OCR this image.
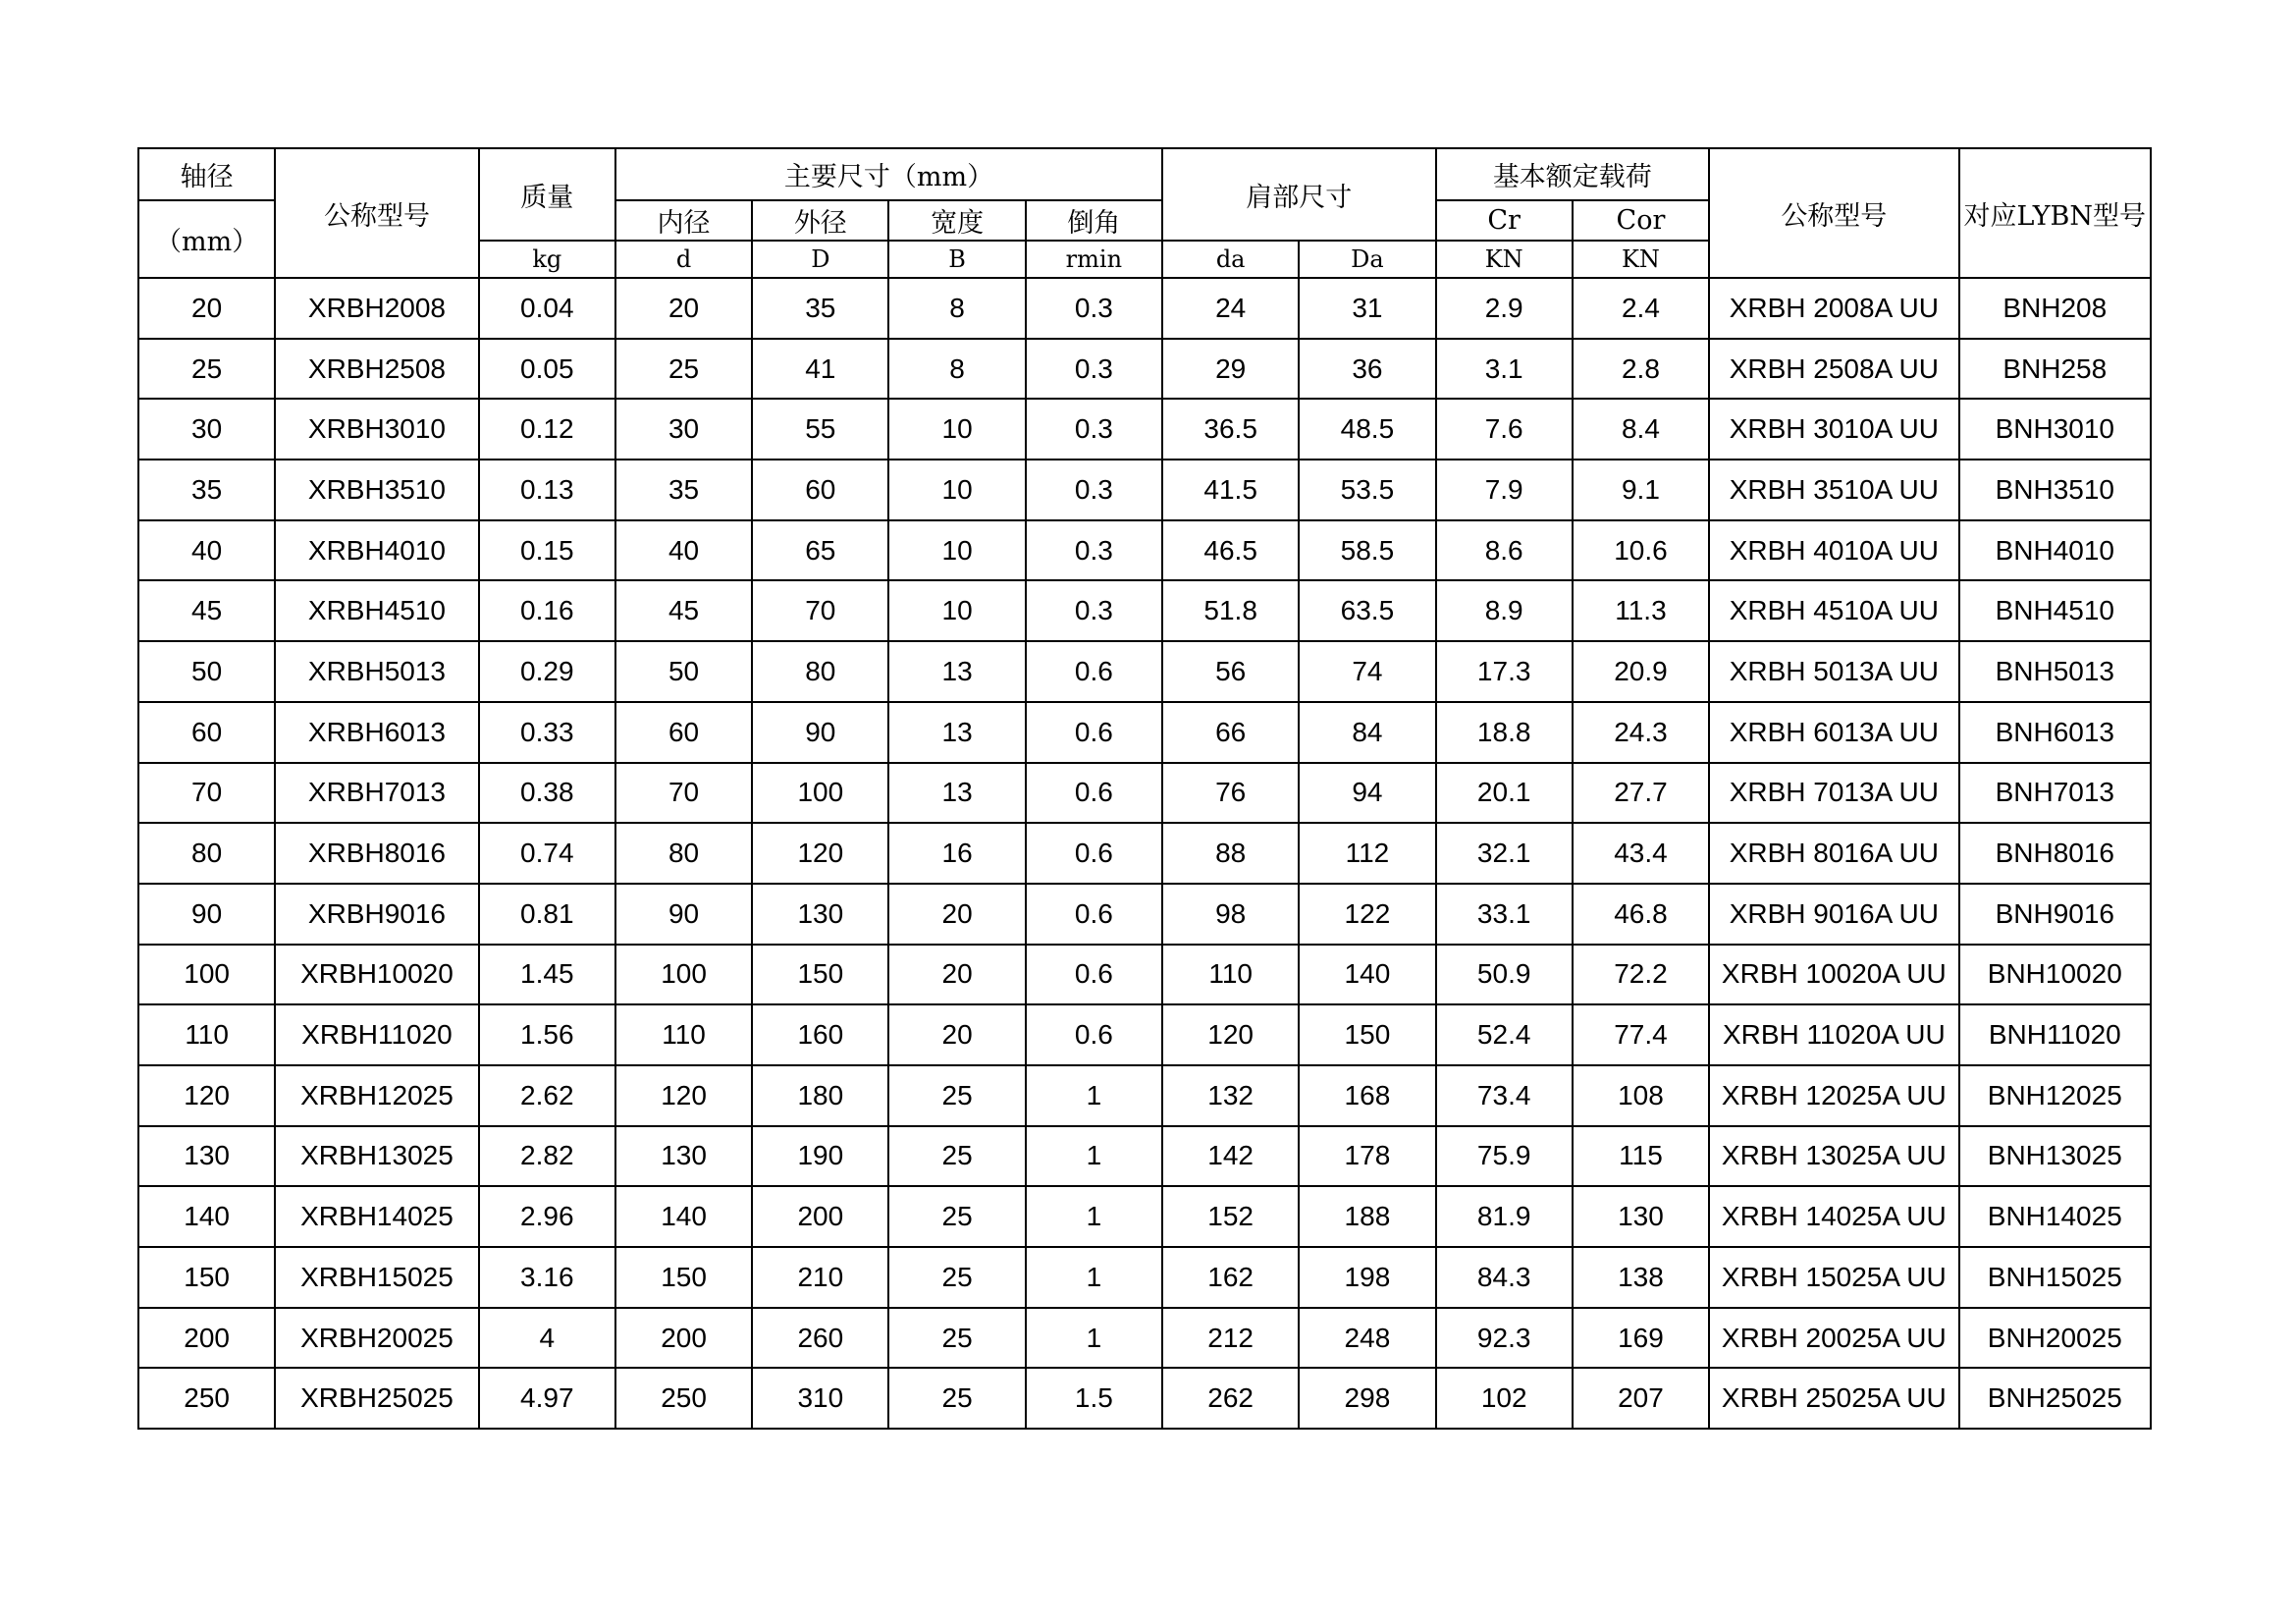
轴径	公称型号	质量	主要尺寸（mm）				肩部尺寸		基本额定载荷		公称型号	对应LYBN型号
（mm）			内径	外径	宽度	倒角			Cr	Cor		
		kg	d	D	B	rmin	da	Da	KN	KN		
20	XRBH2008	0.04	20	35	8	0.3	24	31	2.9	2.4	XRBH 2008A UU	BNH208
25	XRBH2508	0.05	25	41	8	0.3	29	36	3.1	2.8	XRBH 2508A UU	BNH258
30	XRBH3010	0.12	30	55	10	0.3	36.5	48.5	7.6	8.4	XRBH 3010A UU	BNH3010
35	XRBH3510	0.13	35	60	10	0.3	41.5	53.5	7.9	9.1	XRBH 3510A UU	BNH3510
40	XRBH4010	0.15	40	65	10	0.3	46.5	58.5	8.6	10.6	XRBH 4010A UU	BNH4010
45	XRBH4510	0.16	45	70	10	0.3	51.8	63.5	8.9	11.3	XRBH 4510A UU	BNH4510
50	XRBH5013	0.29	50	80	13	0.6	56	74	17.3	20.9	XRBH 5013A UU	BNH5013
60	XRBH6013	0.33	60	90	13	0.6	66	84	18.8	24.3	XRBH 6013A UU	BNH6013
70	XRBH7013	0.38	70	100	13	0.6	76	94	20.1	27.7	XRBH 7013A UU	BNH7013
80	XRBH8016	0.74	80	120	16	0.6	88	112	32.1	43.4	XRBH 8016A UU	BNH8016
90	XRBH9016	0.81	90	130	20	0.6	98	122	33.1	46.8	XRBH 9016A UU	BNH9016
100	XRBH10020	1.45	100	150	20	0.6	110	140	50.9	72.2	XRBH 10020A UU	BNH10020
110	XRBH11020	1.56	110	160	20	0.6	120	150	52.4	77.4	XRBH 11020A UU	BNH11020
120	XRBH12025	2.62	120	180	25	1	132	168	73.4	108	XRBH 12025A UU	BNH12025
130	XRBH13025	2.82	130	190	25	1	142	178	75.9	115	XRBH 13025A UU	BNH13025
140	XRBH14025	2.96	140	200	25	1	152	188	81.9	130	XRBH 14025A UU	BNH14025
150	XRBH15025	3.16	150	210	25	1	162	198	84.3	138	XRBH 15025A UU	BNH15025
200	XRBH20025	4	200	260	25	1	212	248	92.3	169	XRBH 20025A UU	BNH20025
250	XRBH25025	4.97	250	310	25	1.5	262	298	102	207	XRBH 25025A UU	BNH25025
